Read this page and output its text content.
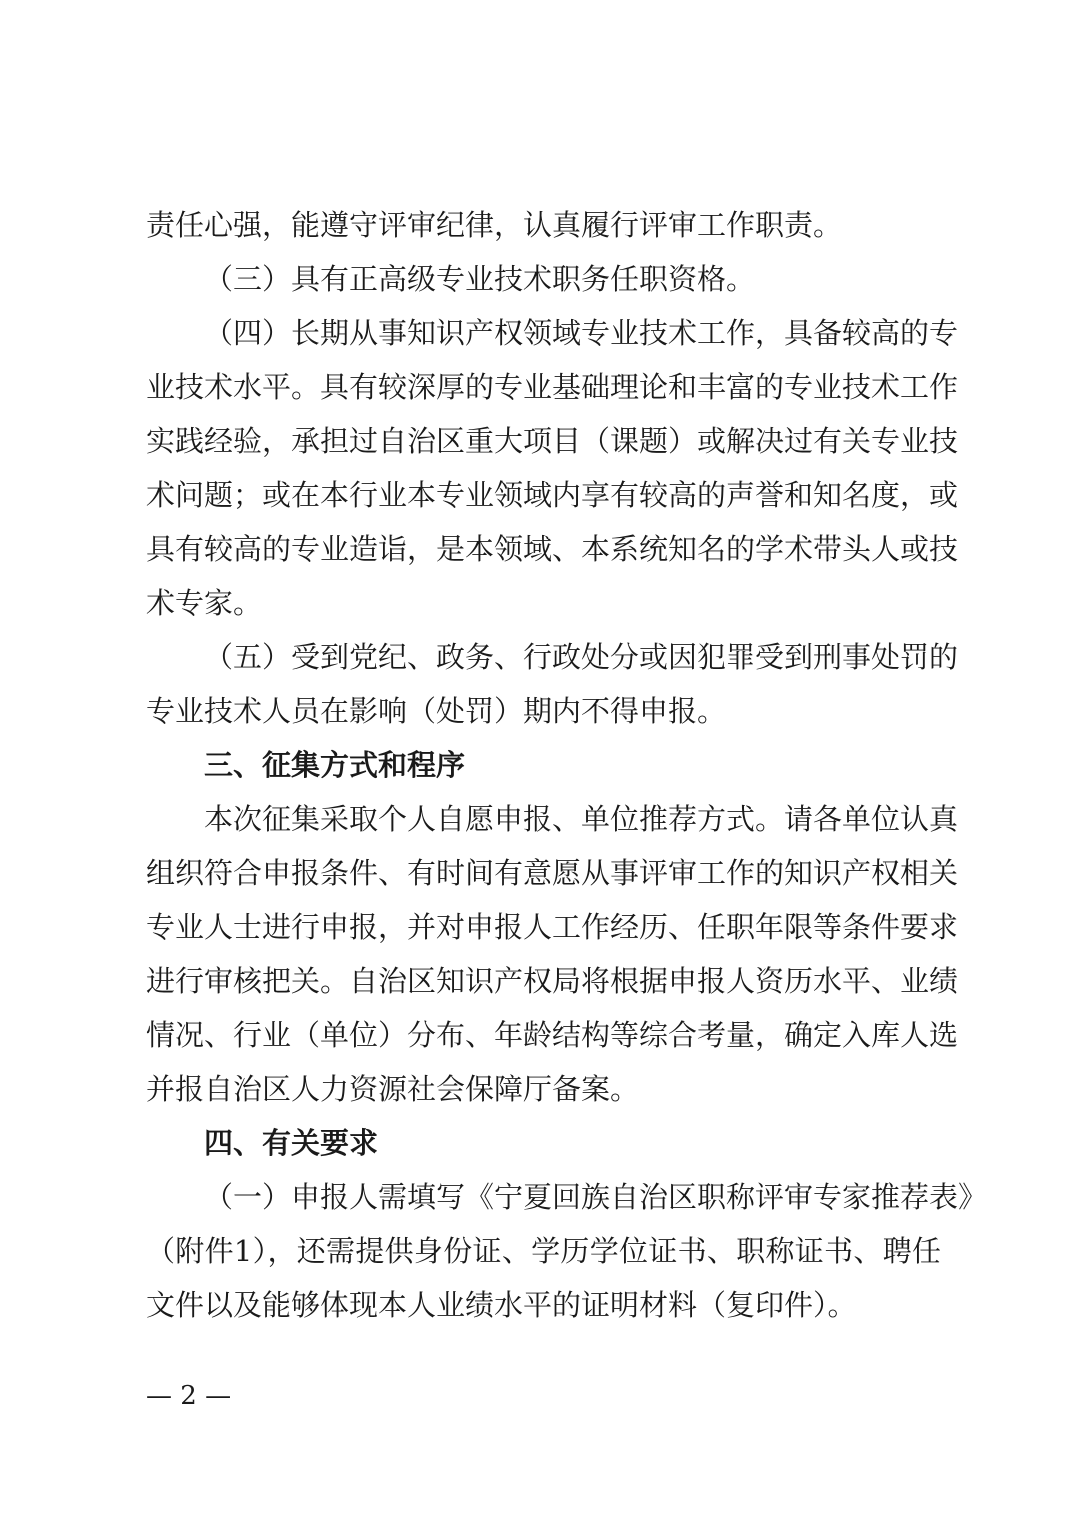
责任心强，能遵守评审纪律，认真履行评审工作职责。
（三）具有正高级专业技术职务任职资格。
（四）长期从事知识产权领域专业技术工作，具备较高的专
业技术水平。具有较深厚的专业基础理论和丰富的专业技术工作
实践经验，承担过自治区重大项目（课题）或解决过有关专业技
术问题；或在本行业本专业领域内享有较高的声誉和知名度，或
具有较高的专业造诣，是本领域、本系统知名的学术带头人或技
术专家。
（五）受到党纪、政务、行政处分或因犯罪受到刑事处罚的
专业技术人员在影响（处罚）期内不得申报。
三、征集方式和程序
本次征集采取个人自愿申报、单位推荐方式。请各单位认真
组织符合申报条件、有时间有意愿从事评审工作的知识产权相关
专业人士进行申报，并对申报人工作经历、任职年限等条件要求
进行审核把关。自治区知识产权局将根据申报人资历水平、业绩
情况、行业（单位）分布、年龄结构等综合考量，确定入库人选
并报自治区人力资源社会保障厅备案。
四、有关要求
（一）申报人需填写《宁夏回族自治区职称评审专家推荐表》
（附件1），还需提供身份证、学历学位证书、职称证书、聘任
文件以及能够体现本人业绩水平的证明材料（复印件）。
— 2 —
